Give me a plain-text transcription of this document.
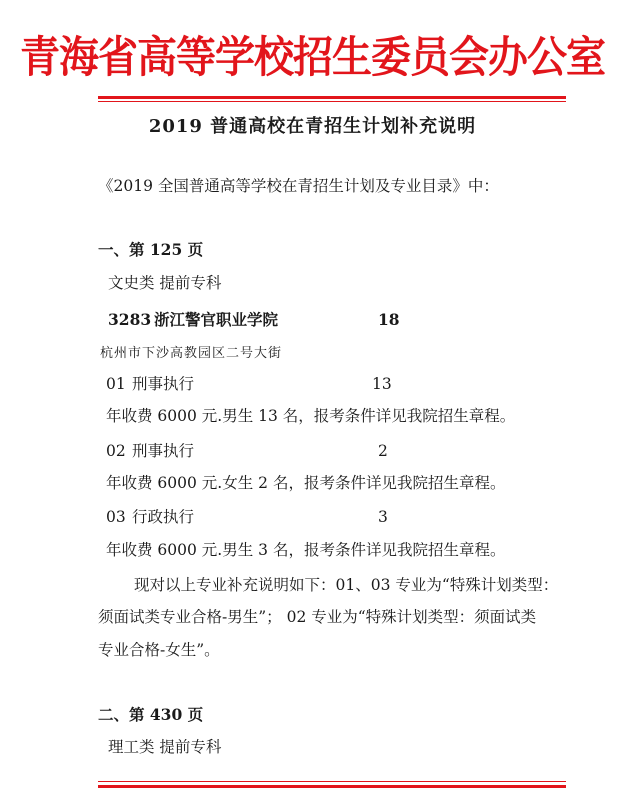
青海省高等学校招生委员会办公室
2019 普通高校在青招生计划补充说明
《2019 全国普通高等学校在青招生计划及专业目录》中：
一、第 125 页
文史类 提前专科
3283 浙江警官职业学院	18
杭州市下沙高教园区二号大街
01 刑事执行	13
年收费 6000 元.男生 13 名，报考条件详见我院招生章程。
02 刑事执行	2
年收费 6000 元.女生 2 名，报考条件详见我院招生章程。
03 行政执行	3
年收费 6000 元.男生 3 名，报考条件详见我院招生章程。
现对以上专业补充说明如下：01、03 专业为“特殊计划类型：
须面试类专业合格-男生”； 02 专业为“特殊计划类型：须面试类
专业合格-女生”。
二、第 430 页
理工类 提前专科
